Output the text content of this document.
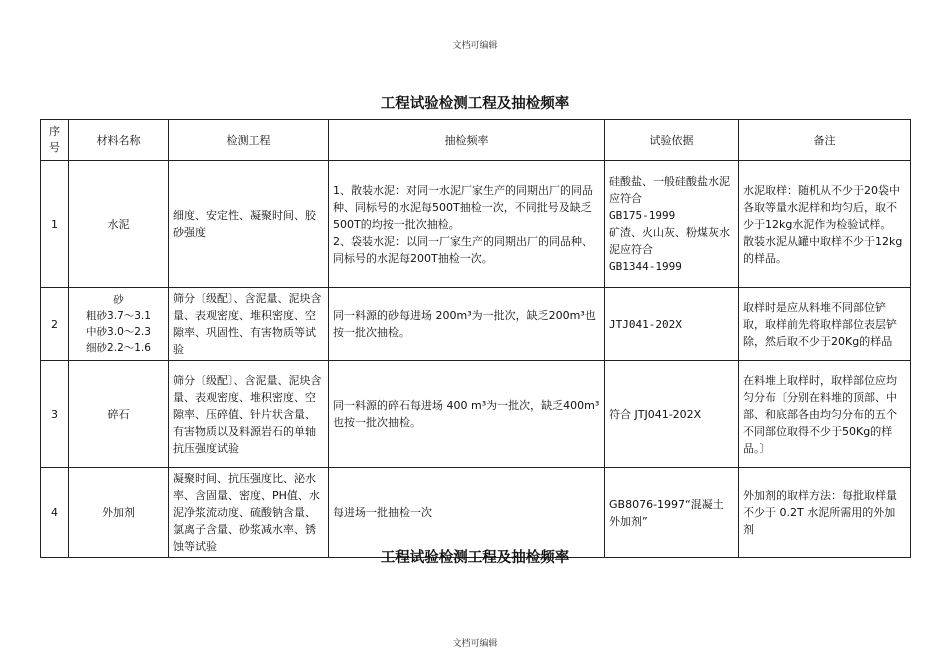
文档可编辑
工程试验检测工程及抽检频率
序号	材料名称	检测工程	抽检频率	试验依据	备注
1	水泥	细度、安定性、凝聚时间、胶砂强度	1、散装水泥：对同一水泥厂家生产的同期出厂的同品种、同标号的水泥每500T抽检一次，不同批号及缺乏500T的均按一批次抽检。
2、袋装水泥：以同一厂家生产的同期出厂的同品种、同标号的水泥每200T抽检一次。	硅酸盐、一般硅酸盐水泥应符合
GB175-1999
矿渣、火山灰、粉煤灰水泥应符合
GB1344-1999	水泥取样：随机从不少于20袋中各取等量水泥样和均匀后，取不少于12kg水泥作为检验试样。
散装水泥从罐中取样不少于12kg的样品。

2	砂
粗砂3.7～3.1
中砂3.0～2.3
细砂2.2～1.6	筛分〔级配〕、含泥量、泥块含量、表观密度、堆积密度、空隙率、巩固性、有害物质等试验	同一料源的砂每进场 200m³为一批次，缺乏200m³也按一批次抽检。	JTJ041-202X	取样时是应从料堆不同部位铲取，取样前先将取样部位表层铲除，然后取不少于20Kg的样品
3	碎石	筛分〔级配〕、含泥量、泥块含量、表观密度、堆积密度、空隙率、压碎值、针片状含量、有害物质以及料源岩石的单轴抗压强度试验	同一料源的碎石每进场 400 m³为一批次，缺乏400m³也按一批次抽检。	符合 JTJ041-202X	在料堆上取样时，取样部位应均匀分布〔分别在料堆的顶部、中部、和底部各由均匀分布的五个不同部位取得不少于50Kg的样品。〕
4	外加剂	凝聚时间、抗压强度比、泌水率、含固量、密度、PH值、水泥净浆流动度、硫酸钠含量、氯离子含量、砂浆减水率、锈蚀等试验	每进场一批抽检一次	GB8076-1997“混凝土外加剂”	外加剂的取样方法：每批取样量不少于 0.2T 水泥所需用的外加剂
工程试验检测工程及抽检频率
文档可编辑
